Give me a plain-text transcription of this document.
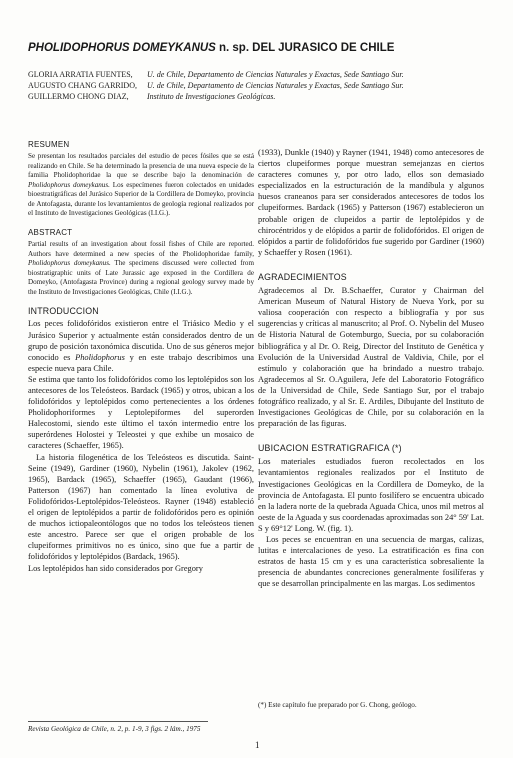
PHOLIDOPHORUS DOMEYKANUS n. sp. DEL JURASICO DE CHILE
GLORIA ARRATIA FUENTES,	U. de Chile, Departamento de Ciencias Naturales y Exactas, Sede Santiago Sur.
AUGUSTO CHANG GARRIDO,	U. de Chile, Departamento de Ciencias Naturales y Exactas, Sede Santiago Sur.
GUILLERMO CHONG DIAZ,	Instituto de Investigaciones Geológicas.
RESUMEN

Se presentan los resultados parciales del estudio de peces fósiles que se está realizando en Chile. Se ha determinado la presencia de una nueva especie de la familia Pholidophoridae la que se describe bajo la denominación de Pholidophorus domeykanus. Los especímenes fueron colectados en unidades bioestratigráficas del Jurásico Superior de la Cordillera de Domeyko, provincia de Antofagasta, durante los levantamientos de geología regional realizados por el Instituto de Investigaciones Geológicas (I.I.G.).

ABSTRACT

Partial results of an investigation about fossil fishes of Chile are reported. Authors have determined a new species of the Pholidophoridae family, Pholidophorus domeykanus. The specimens discussed were collected from biostratigraphic units of Late Jurassic age exposed in the Cordillera de Domeyko, (Antofagasta Province) during a regional geology survey made by the Instituto de Investigaciones Geológicas, Chile (I.I.G.).

INTRODUCCION

Los peces folidofóridos existieron entre el Triásico Medio y el Jurásico Superior y actualmente están considerados dentro de un grupo de posición taxonómica discutida. Uno de sus géneros mejor conocido es Pholidophorus y en este trabajo describimos una especie nueva para Chile.

Se estima que tanto los folidofóridos como los leptolépidos son los antecesores de los Teleósteos. Bardack (1965) y otros, ubican a los folidofóridos y leptolépidos como pertenecientes a los órdenes Pholidophoriformes y Leptolepiformes del superorden Halecostomi, siendo este último el taxón intermedio entre los superórdenes Holostei y Teleostei y que exhibe un mosaico de caracteres (Schaeffer, 1965).

La historia filogenética de los Teleósteos es discutida. Saint- Seine (1949), Gardiner (1960), Nybelin (1961), Jakolev (1962, 1965), Bardack (1965), Schaeffer (1965), Gaudant (1966), Patterson (1967) han comentado la línea evolutiva de Folidofóridos-Leptolépidos-Teleósteos. Rayner (1948) estableció el origen de leptolépidos a partir de folidofóridos pero es opinión de muchos ictiopaleontólogos que no todos los teleósteos tienen este ancestro. Parece ser que el origen probable de los clupeiformes primitivos no es único, sino que fue a partir de folidofóridos y leptolépidos (Bardack, 1965).

Los leptolépidos han sido considerados por Gregory

(1933), Dunkle (1940) y Rayner (1941, 1948) como antecesores de ciertos clupeiformes porque muestran semejanzas en ciertos caracteres comunes y, por otro lado, ellos son demasiado especializados en la estructuración de la mandíbula y algunos huesos craneanos para ser considerados antecesores de todos los clupeiformes. Bardack (1965) y Patterson (1967) establecieron un probable origen de clupeidos a partir de leptolépidos y de chirocéntridos y de elópidos a partir de folidofóridos. El origen de elópidos a partir de folidofóridos fue sugerido por Gardiner (1960) y Schaeffer y Rosen (1961).

AGRADECIMIENTOS

Agradecemos al Dr. B.Schaeffer, Curator y Chairman del American Museum of Natural History de Nueva York, por su valiosa cooperación con respecto a bibliografía y por sus sugerencias y críticas al manuscrito; al Prof. O. Nybelin del Museo de Historia Natural de Gotemburgo, Suecia, por su colaboración bibliográfica y al Dr. O. Reig, Director del Instituto de Genética y Evolución de la Universidad Austral de Valdivia, Chile, por el estímulo y colaboración que ha brindado a nuestro trabajo. Agradecemos al Sr. O.Aguilera, Jefe del Laboratorio Fotográfico de la Universidad de Chile, Sede Santiago Sur, por el trabajo fotográfico realizado, y al Sr. E. Ardiles, Dibujante del Instituto de Investigaciones Geológicas de Chile, por su colaboración en la preparación de las figuras.

UBICACION ESTRATIGRAFICA (*)

Los materiales estudiados fueron recolectados en los levantamientos regionales realizados por el Instituto de Investigaciones Geológicas en la Cordillera de Domeyko, de la provincia de Antofagasta. El punto fosilífero se encuentra ubicado en la ladera norte de la quebrada Aguada Chica, unos mil metros al oeste de la Aguada y sus coordenadas aproximadas son 24° 59' Lat. S y 69°12' Long. W. (fig. 1).

Los peces se encuentran en una secuencia de margas, calizas, lutitas e intercalaciones de yeso. La estratificación es fina con estratos de hasta 15 cm y es una característica sobresaliente la presencia de abundantes concreciones generalmente fosilíferas y que se desarrollan principalmente en las margas. Los sedimentos

(*) Este capítulo fue preparado por G. Chong, geólogo.
Revista Geológica de Chile, n. 2, p. 1-9, 3 figs. 2 lám., 1975
1
